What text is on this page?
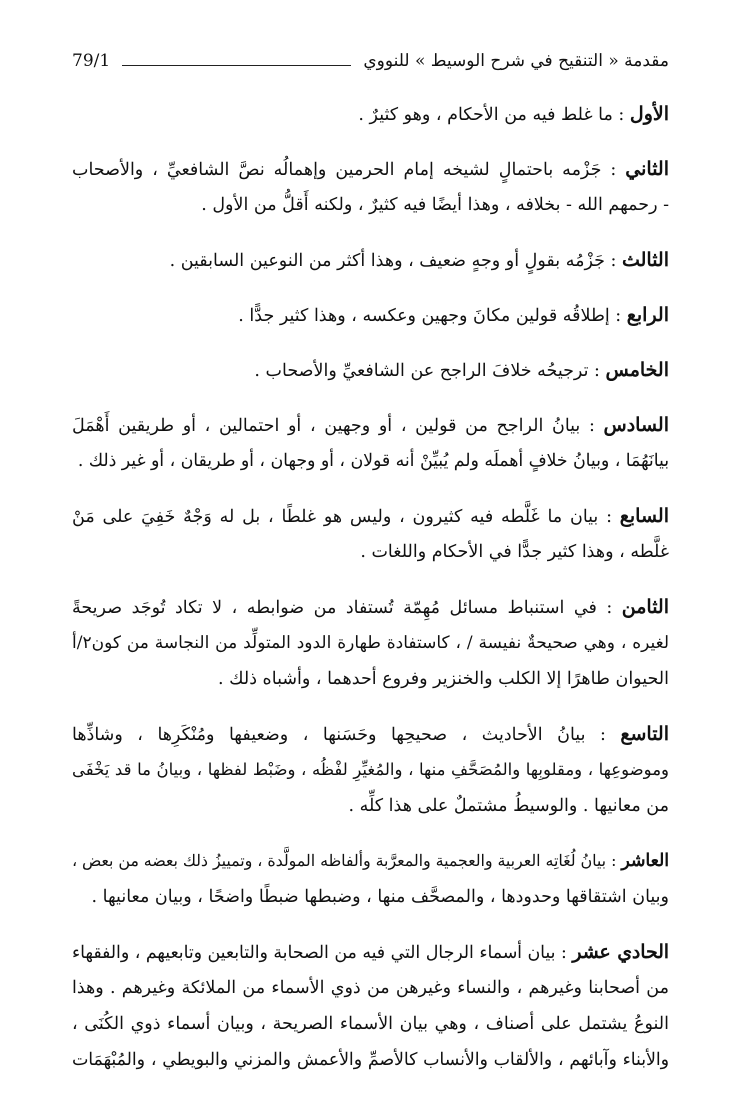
مقدمة « التنقيح في شرح الوسيط » للنووي
79/1
الأول : ما غلط فيه من الأحكام ، وهو كثيرٌ .
الثاني : جَزْمه باحتمالٍ لشيخه إمام الحرمين وإهمالُه نصَّ الشافعيِّ ، والأصحاب
- رحمهم الله - بخلافه ، وهذا أيضًا فيه كثيرٌ ، ولكنه أَقلُّ من الأول .
الثالث : جَزْمُه بقولٍ أو وجهٍ ضعيف ، وهذا أكثر من النوعين السابقين .
الرابع : إطلاقُه قولين مكانَ وجهين وعكسه ، وهذا كثير جدًّا .
الخامس : ترجيحُه خلافَ الراجح عن الشافعيِّ والأصحاب .
السادس : بيانُ الراجح من قولين ، أو وجهين ، أو احتمالين ، أو طريقين أَهْمَلَ
بيانَهُمَا ، وبيانُ خلافٍ أهملَه ولم يُبيِّنْ أنه قولان ، أو وجهان ، أو طريقان ، أو غير ذلك .
السابع : بيان ما غَلَّطه فيه كثيرون ، وليس هو غلطًا ، بل له وَجْهٌ خَفِيَ على مَنْ
غلَّطه ، وهذا كثير جدًّا في الأحكام واللغات .
الثامن : في استنباط مسائل مُهِمّة تُستفاد من ضوابطه ، لا تكاد تُوجَد صريحةً
لغيره ، وهي صحيحةٌ نفيسة / ، كاستفادة طهارة الدود المتولِّد من النجاسة من كون٢/أ
الحيوان طاهرًا إلا الكلب والخنزير وفروع أحدهما ، وأشباه ذلك .
التاسع : بيانُ الأحاديث ، صحيحِها وحَسَنها ، وضعيفها ومُنْكَرِها ، وشاذِّها
وموضوعِها ، ومقلوبِها والمُصَحَّفِ منها ، والمُغيِّرِ لفْظُه ، وضَبْط لفظها ، وبيانُ ما قد يَخْفَى
من معانيها . والوسيطُ مشتملٌ على هذا كلِّه .
العاشر : بيانُ لُغَاتِه العربية والعجمية والمعرَّبة وألفاظه المولَّدة ، وتمييزُ ذلك بعضه من بعض ،
وبيان اشتقاقها وحدودها ، والمصحَّف منها ، وضبطها ضبطًا واضحًا ، وبيان معانيها .
الحادي عشر : بيان أسماء الرجال التي فيه من الصحابة والتابعين وتابعيهم ، والفقهاء
من أصحابنا وغيرهم ، والنساء وغيرهن من ذوي الأسماء من الملائكة وغيرهم . وهذا
النوعُ يشتمل على أصناف ، وهي بيان الأسماء الصريحة ، وبيان أسماء ذوي الكُنَى ،
والأبناء وآبائهم ، والألقاب والأنساب كالأصمِّ والأعمش والمزني والبويطي ، والمُبْهَمَات
